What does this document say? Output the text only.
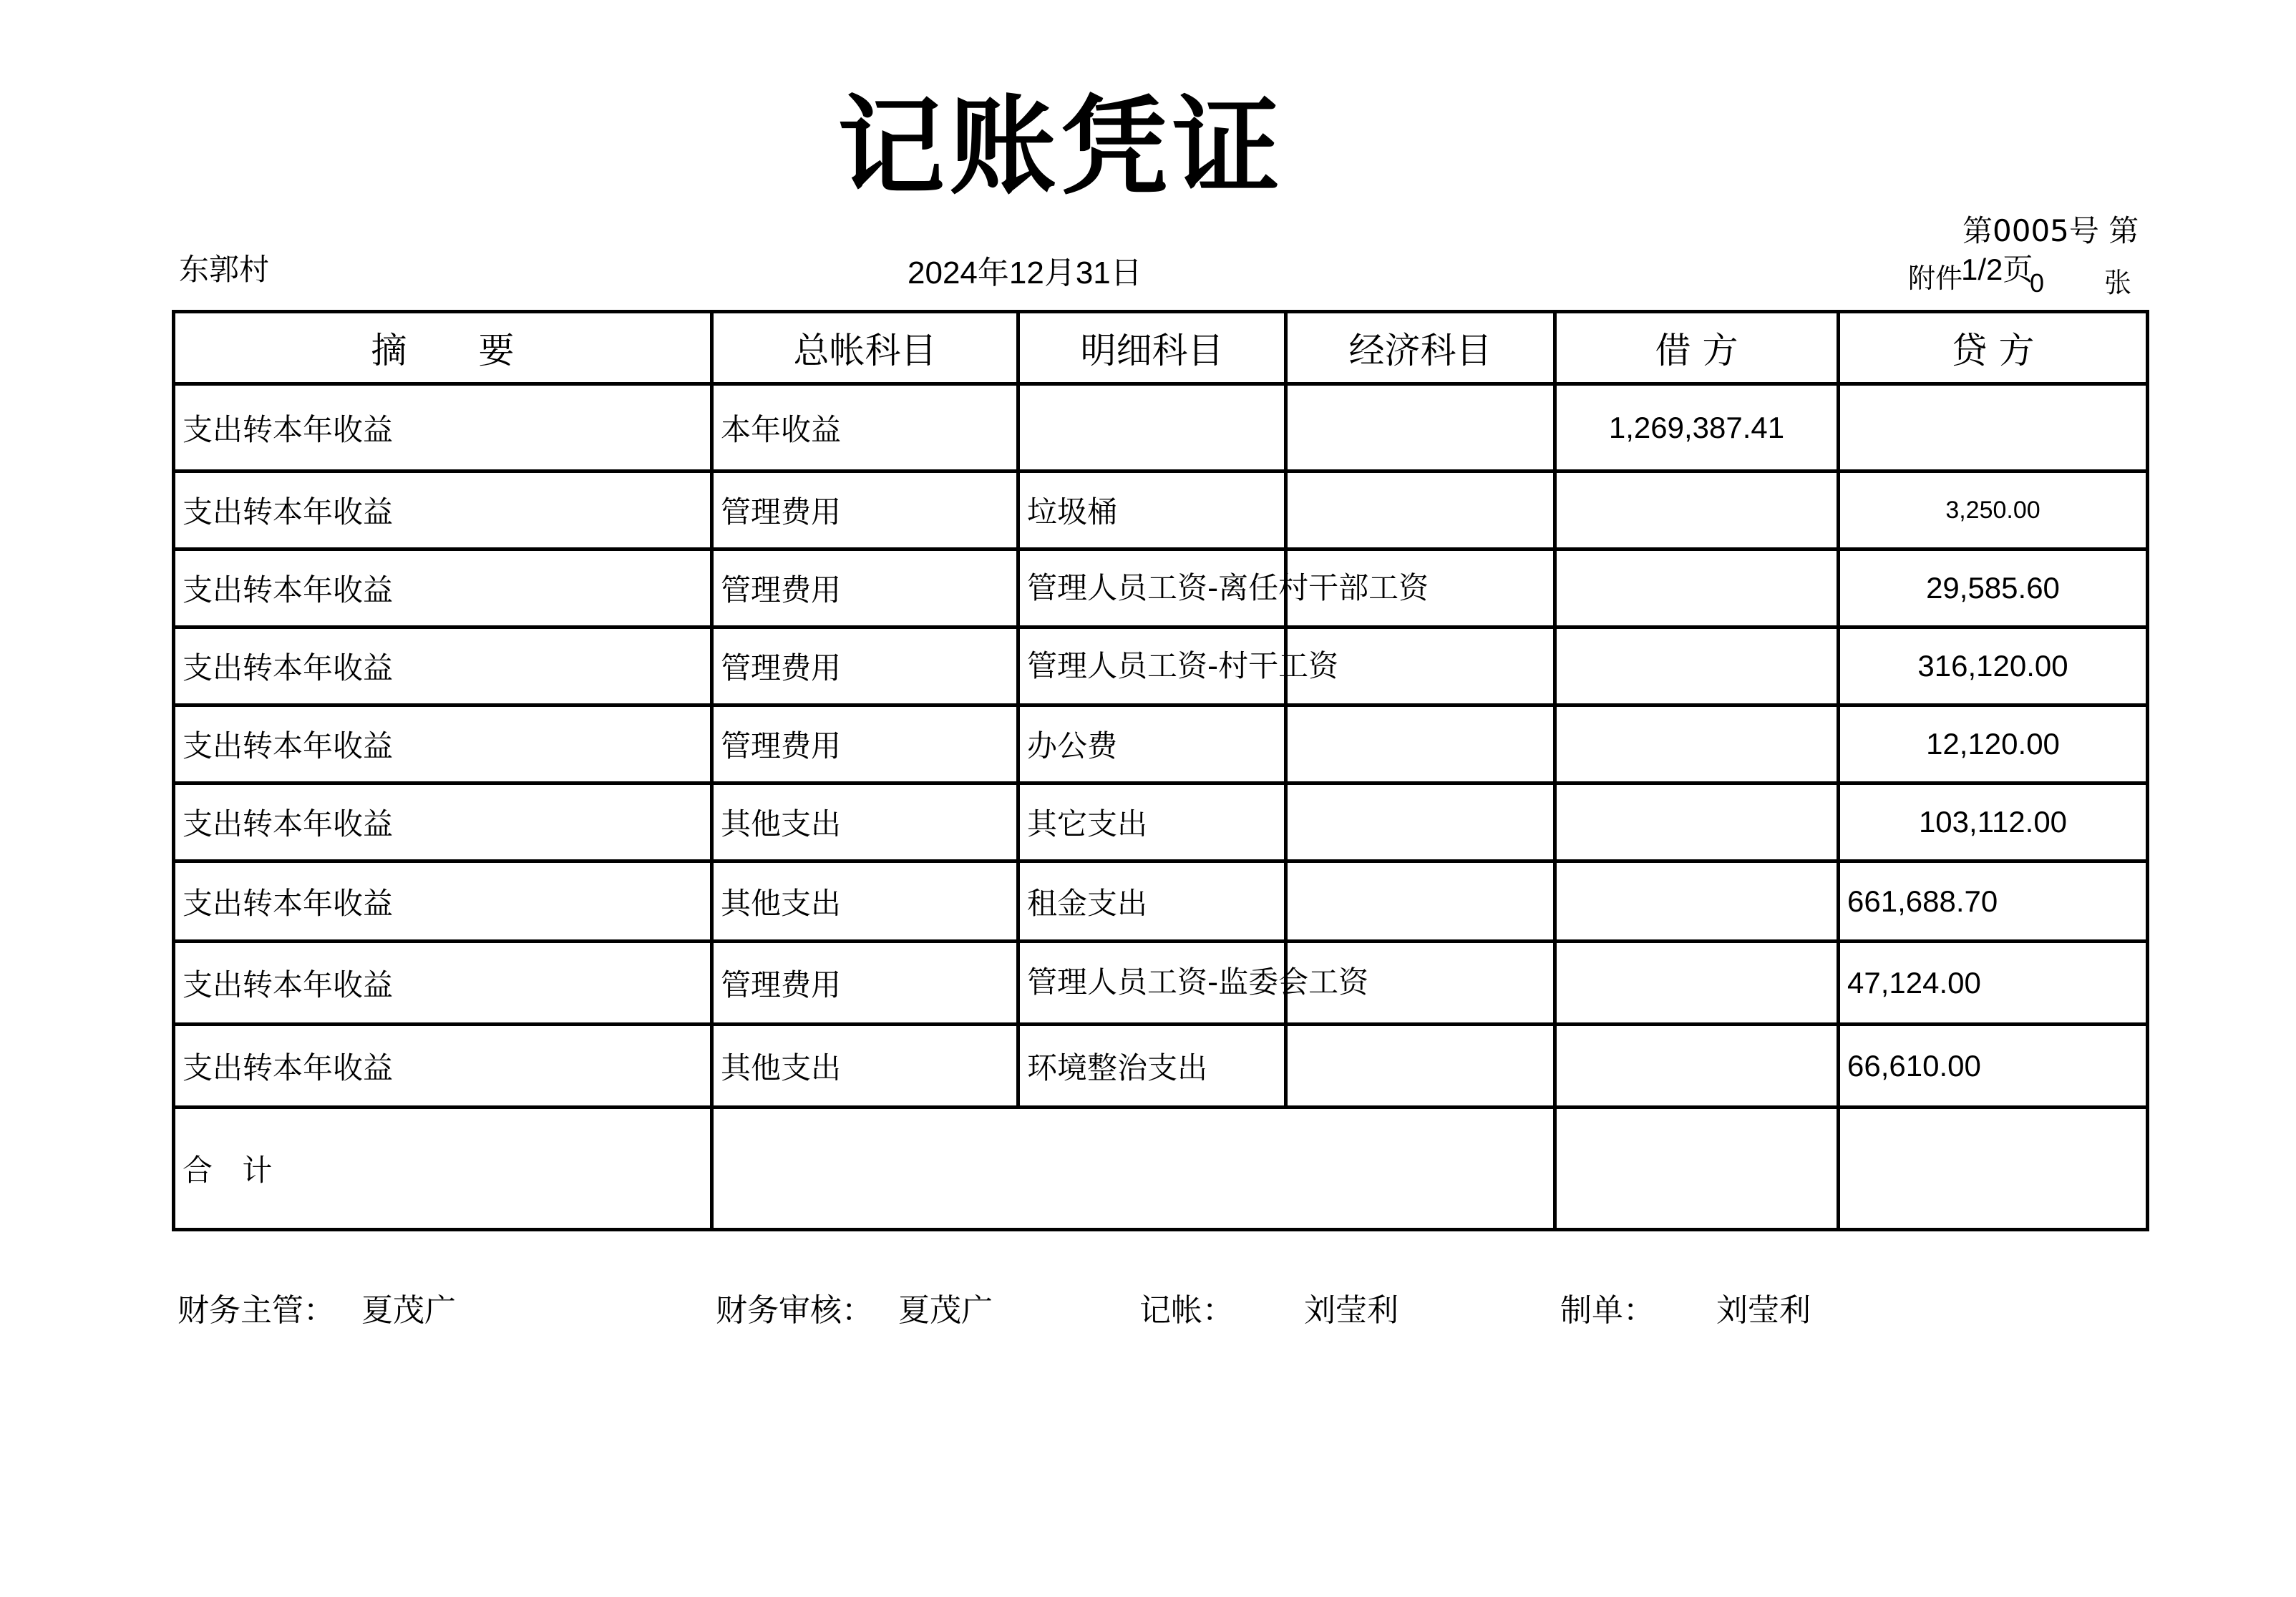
记账凭证
东郭村	2024年12月31日
第0005号 第
附件
1/2页
0 张
摘　　要	总帐科目	明细科目	经济科目	借 方	贷 方
支出转本年收益	本年收益			1,269,387.41	
支出转本年收益	管理费用	垃圾桶			3,250.00
支出转本年收益	管理费用	管理人员工资-离任村干部工资			29,585.60
支出转本年收益	管理费用	管理人员工资-村干工资			316,120.00
支出转本年收益	管理费用	办公费			12,120.00
支出转本年收益	其他支出	其它支出			103,112.00
支出转本年收益	其他支出	租金支出			661,688.70
支出转本年收益	管理费用	管理人员工资-监委会工资			47,124.00
支出转本年收益	其他支出	环境整治支出			66,610.00
合 计					
财务主管： 夏茂广	财务审核： 夏茂广	记帐： 刘莹利	制单： 刘莹利
